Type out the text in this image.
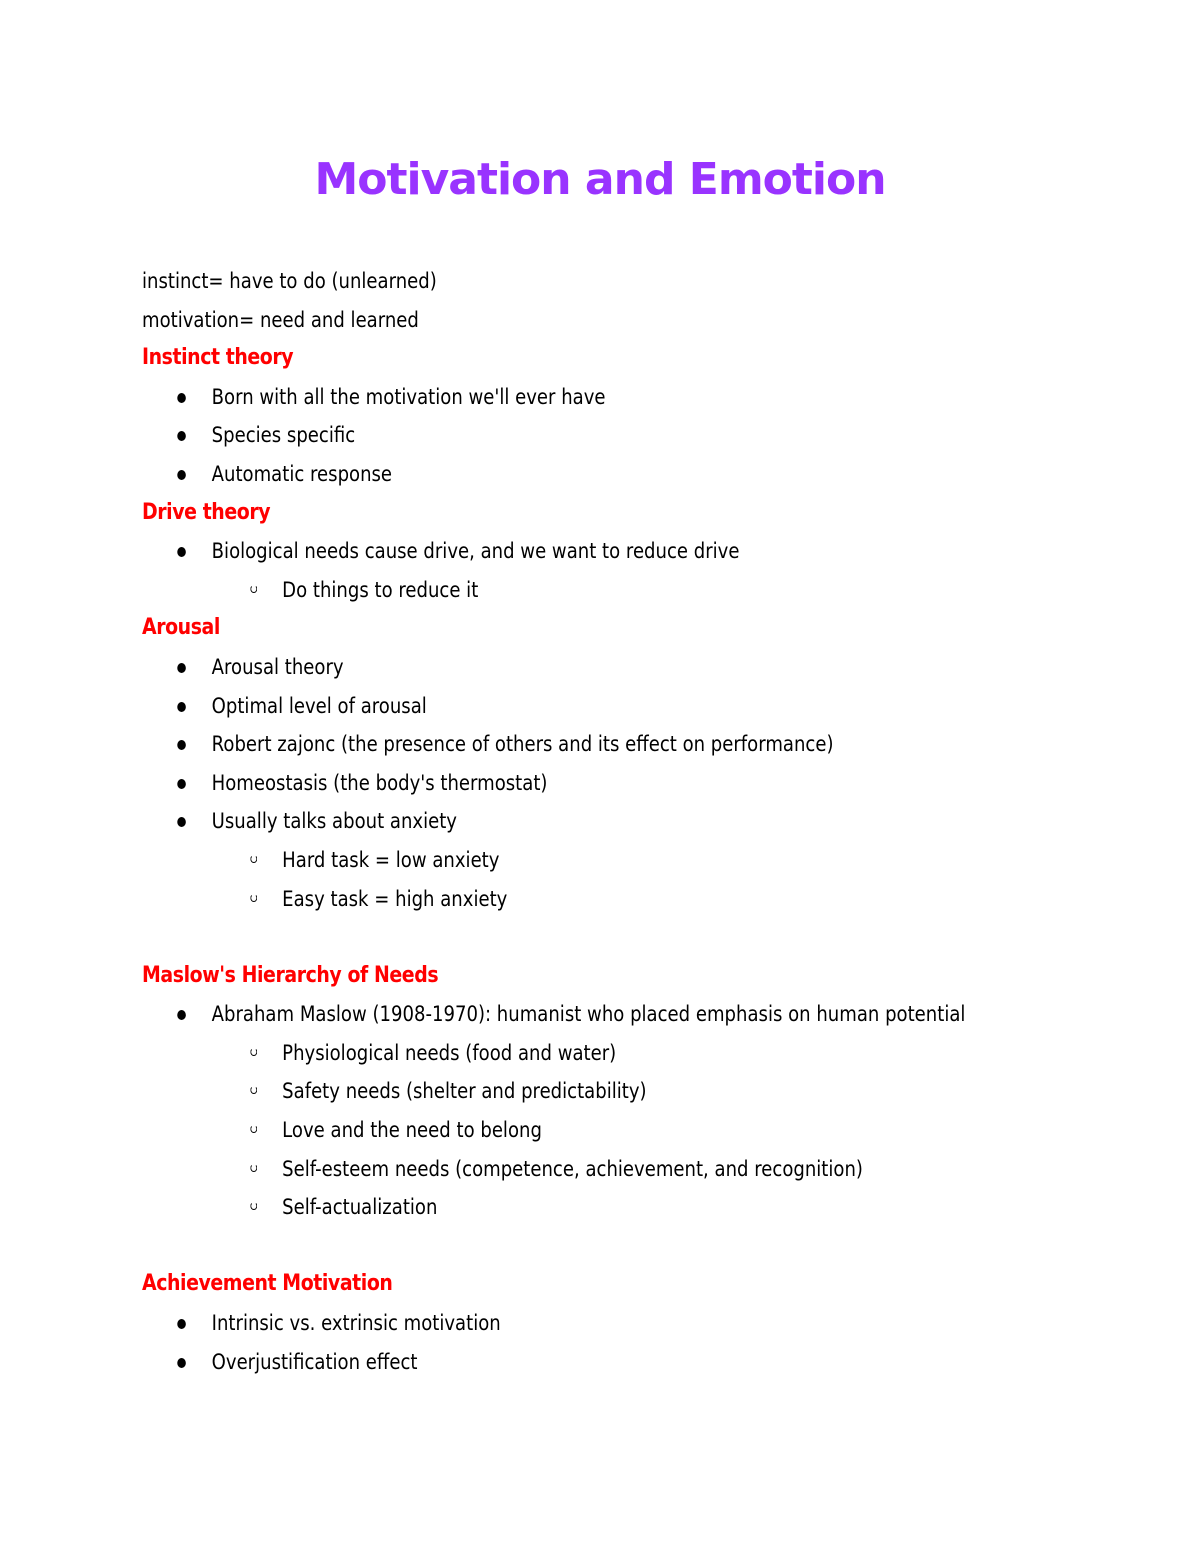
Motivation and Emotion
instinct= have to do (unlearned)
motivation= need and learned
Instinct theory
Born with all the motivation we'll ever have
Species specific
Automatic response
Drive theory
Biological needs cause drive, and we want to reduce drive
Do things to reduce it
Arousal
Arousal theory
Optimal level of arousal
Robert zajonc (the presence of others and its effect on performance)
Homeostasis (the body's thermostat)
Usually talks about anxiety
Hard task = low anxiety
Easy task = high anxiety
Maslow's Hierarchy of Needs
Abraham Maslow (1908-1970): humanist who placed emphasis on human potential
Physiological needs (food and water)
Safety needs (shelter and predictability)
Love and the need to belong
Self-esteem needs (competence, achievement, and recognition)
Self-actualization
Achievement Motivation
Intrinsic vs. extrinsic motivation
Overjustification effect
